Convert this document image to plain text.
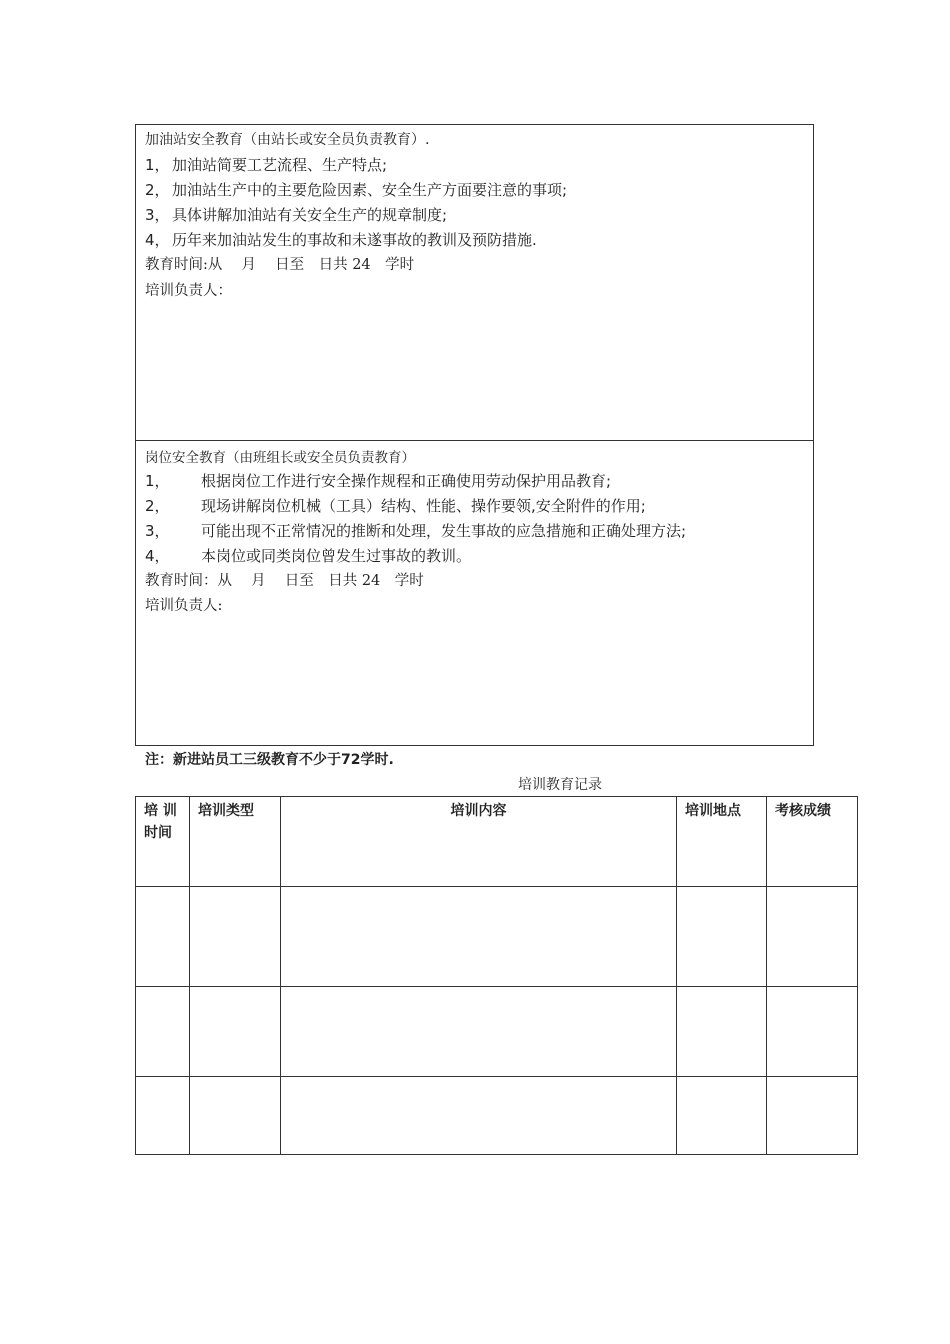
加油站安全教育（由站长或安全员负责教育）.
1， 加油站简要工艺流程、生产特点;
2， 加油站生产中的主要危险因素、安全生产方面要注意的事项;
3， 具体讲解加油站有关安全生产的规章制度;
4， 历年来加油站发生的事故和未遂事故的教训及预防措施.
教育时间:从　 月　 日至　日共 24　学时
培训负责人：
岗位安全教育（由班组长或安全员负责教育）
1， 根据岗位工作进行安全操作规程和正确使用劳动保护用品教育;
2， 现场讲解岗位机械（工具）结构、性能、操作要领,安全附件的作用;
3， 可能出现不正常情况的推断和处理，发生事故的应急措施和正确处理方法;
4， 本岗位或同类岗位曾发生过事故的教训。
教育时间：从　 月　 日至　日共 24　学时
培训负责人:
注：新进站员工三级教育不少于72学时.
培训教育记录
培 训时间	培训类型	培训内容	培训地点	考核成绩
